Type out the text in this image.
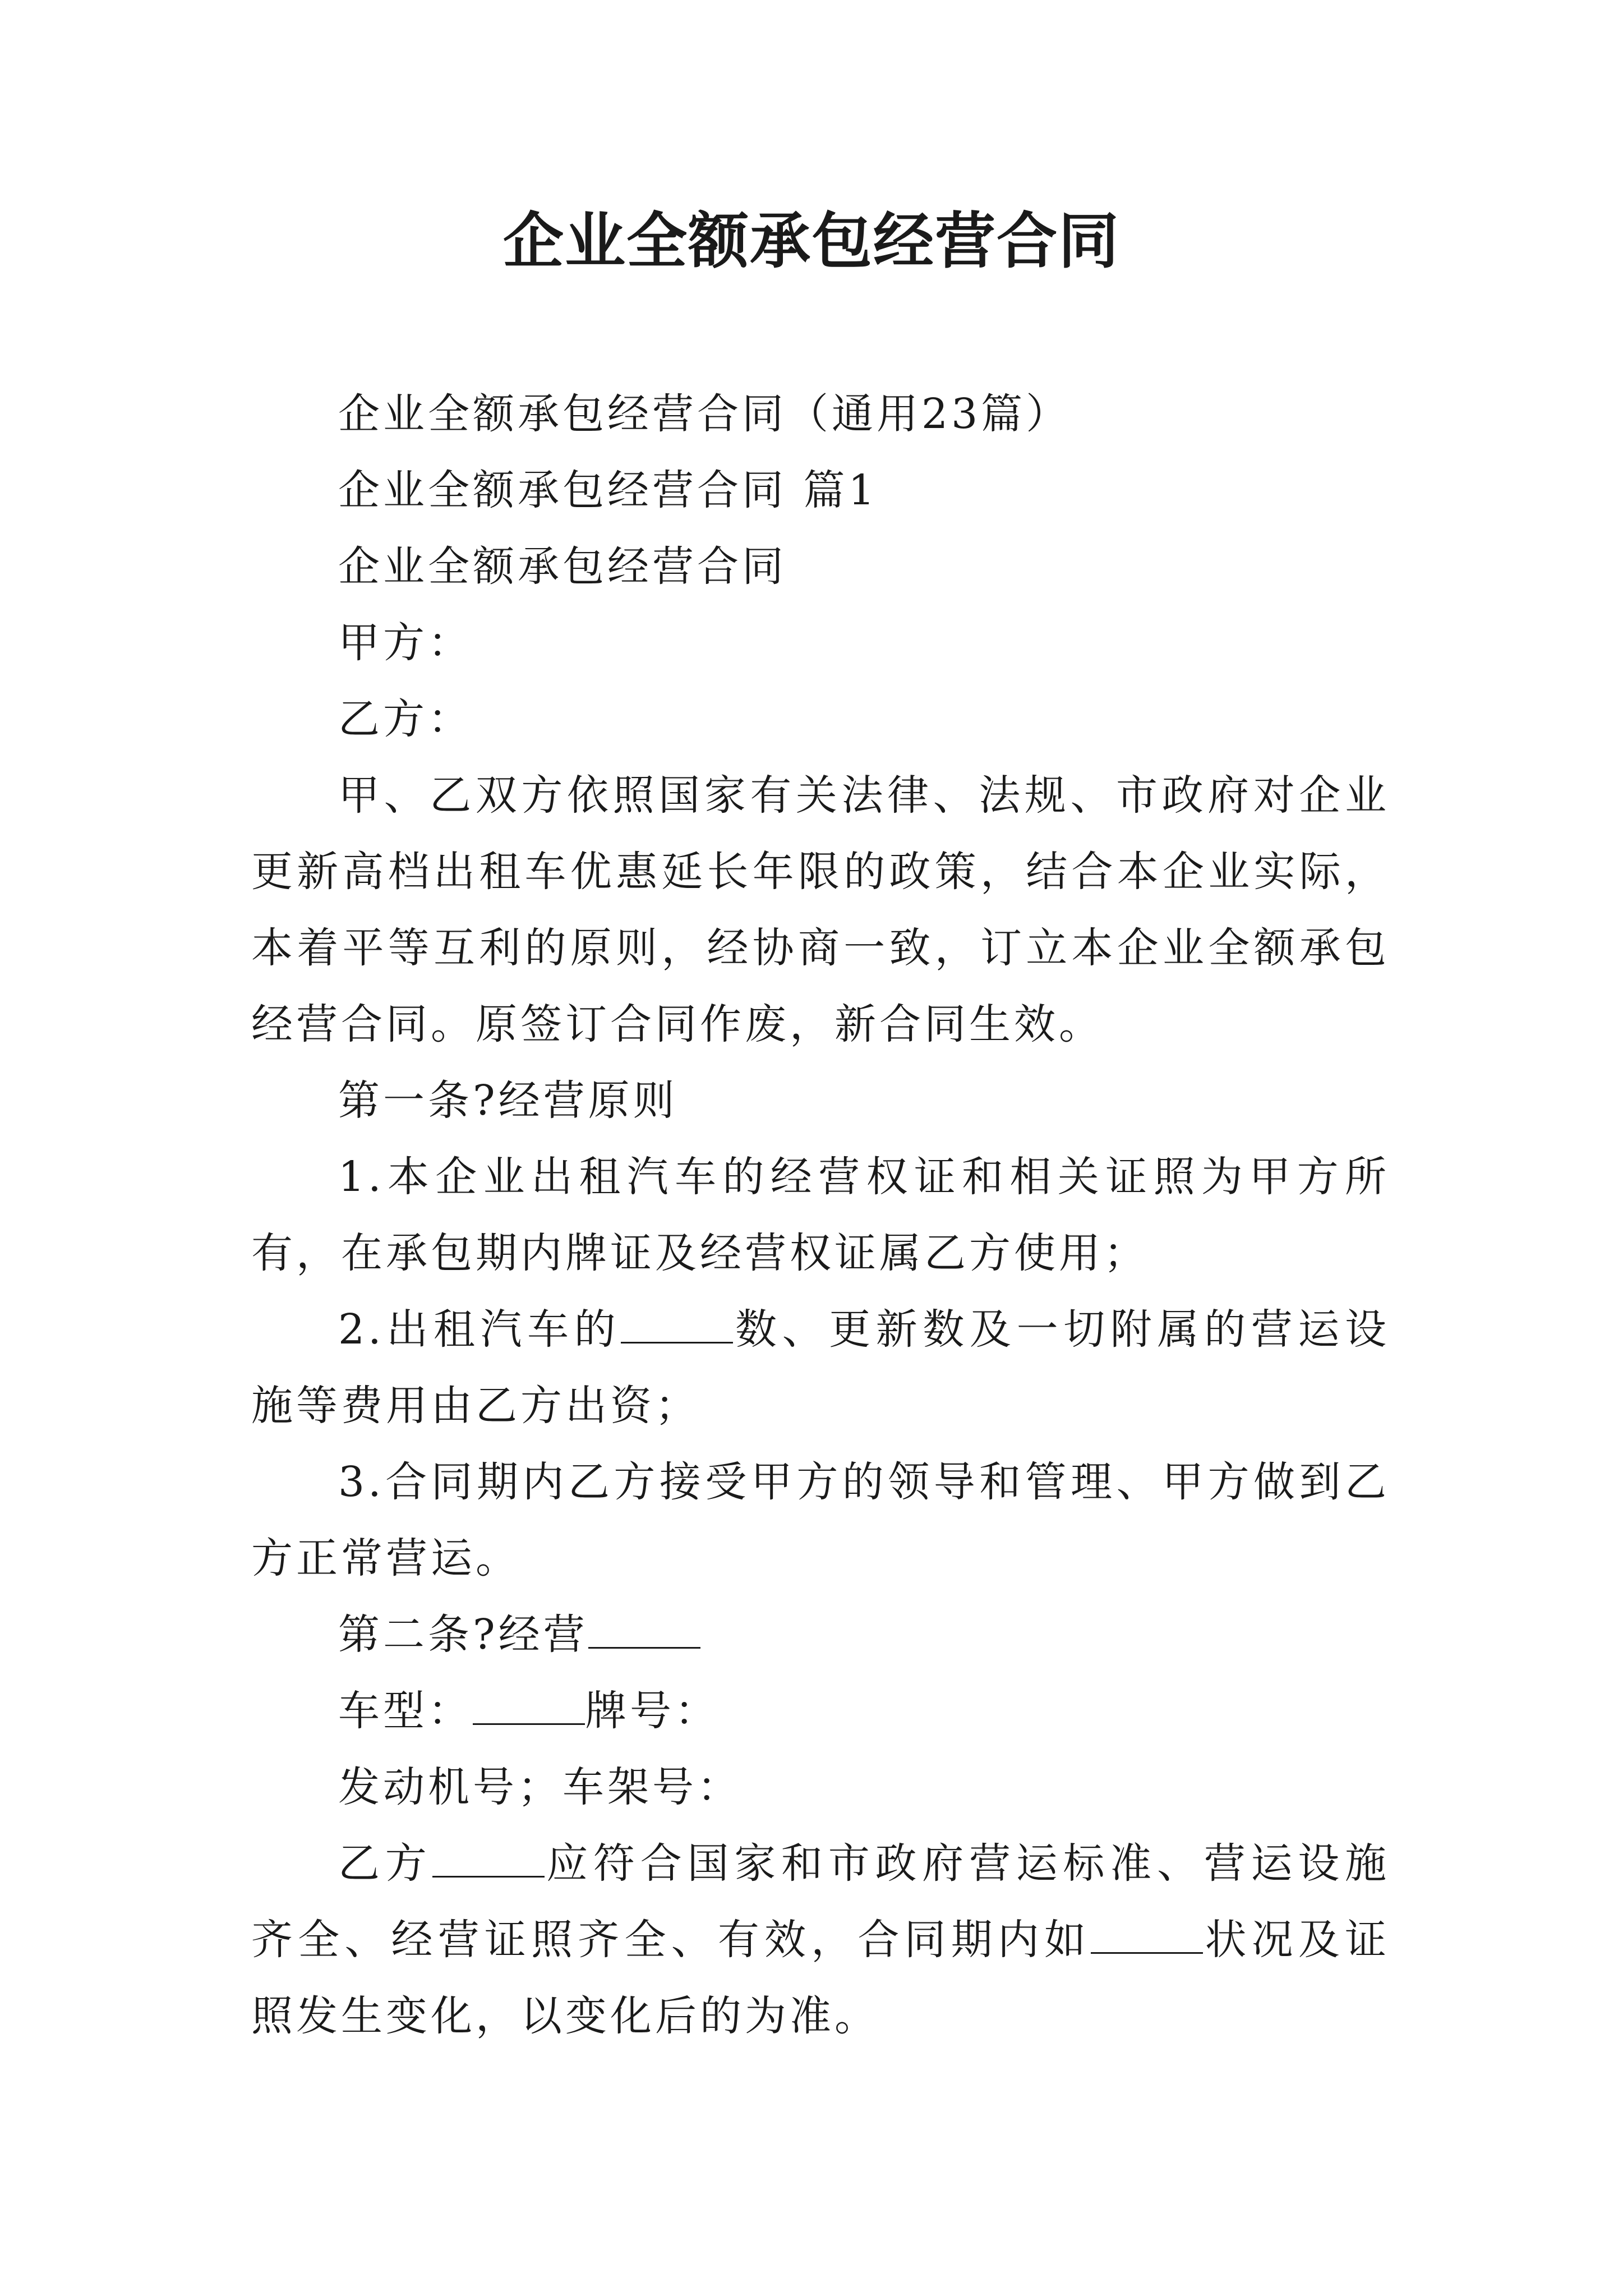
企业全额承包经营合同

企业全额承包经营合同（通用23篇）

企业全额承包经营合同 篇1

企业全额承包经营合同

甲方：

乙方：

甲、乙双方依照国家有关法律、法规、市政府对企业更新高档出租车优惠延长年限的政策，结合本企业实际，本着平等互利的原则，经协商一致，订立本企业全额承包经营合同。原签订合同作废，新合同生效。

第一条?经营原则

1.本企业出租汽车的经营权证和相关证照为甲方所有，在承包期内牌证及经营权证属乙方使用；

2.出租汽车的	数、更新数及一切附属的营运设施等费用由乙方出资；

3.合同期内乙方接受甲方的领导和管理、甲方做到乙方正常营运。

第二条?经营

车型：	牌号：

发动机号；车架号：

乙方	应符合国家和市政府营运标准、营运设施齐全、经营证照齐全、有效，合同期内如	状况及证照发生变化，以变化后的为准。
